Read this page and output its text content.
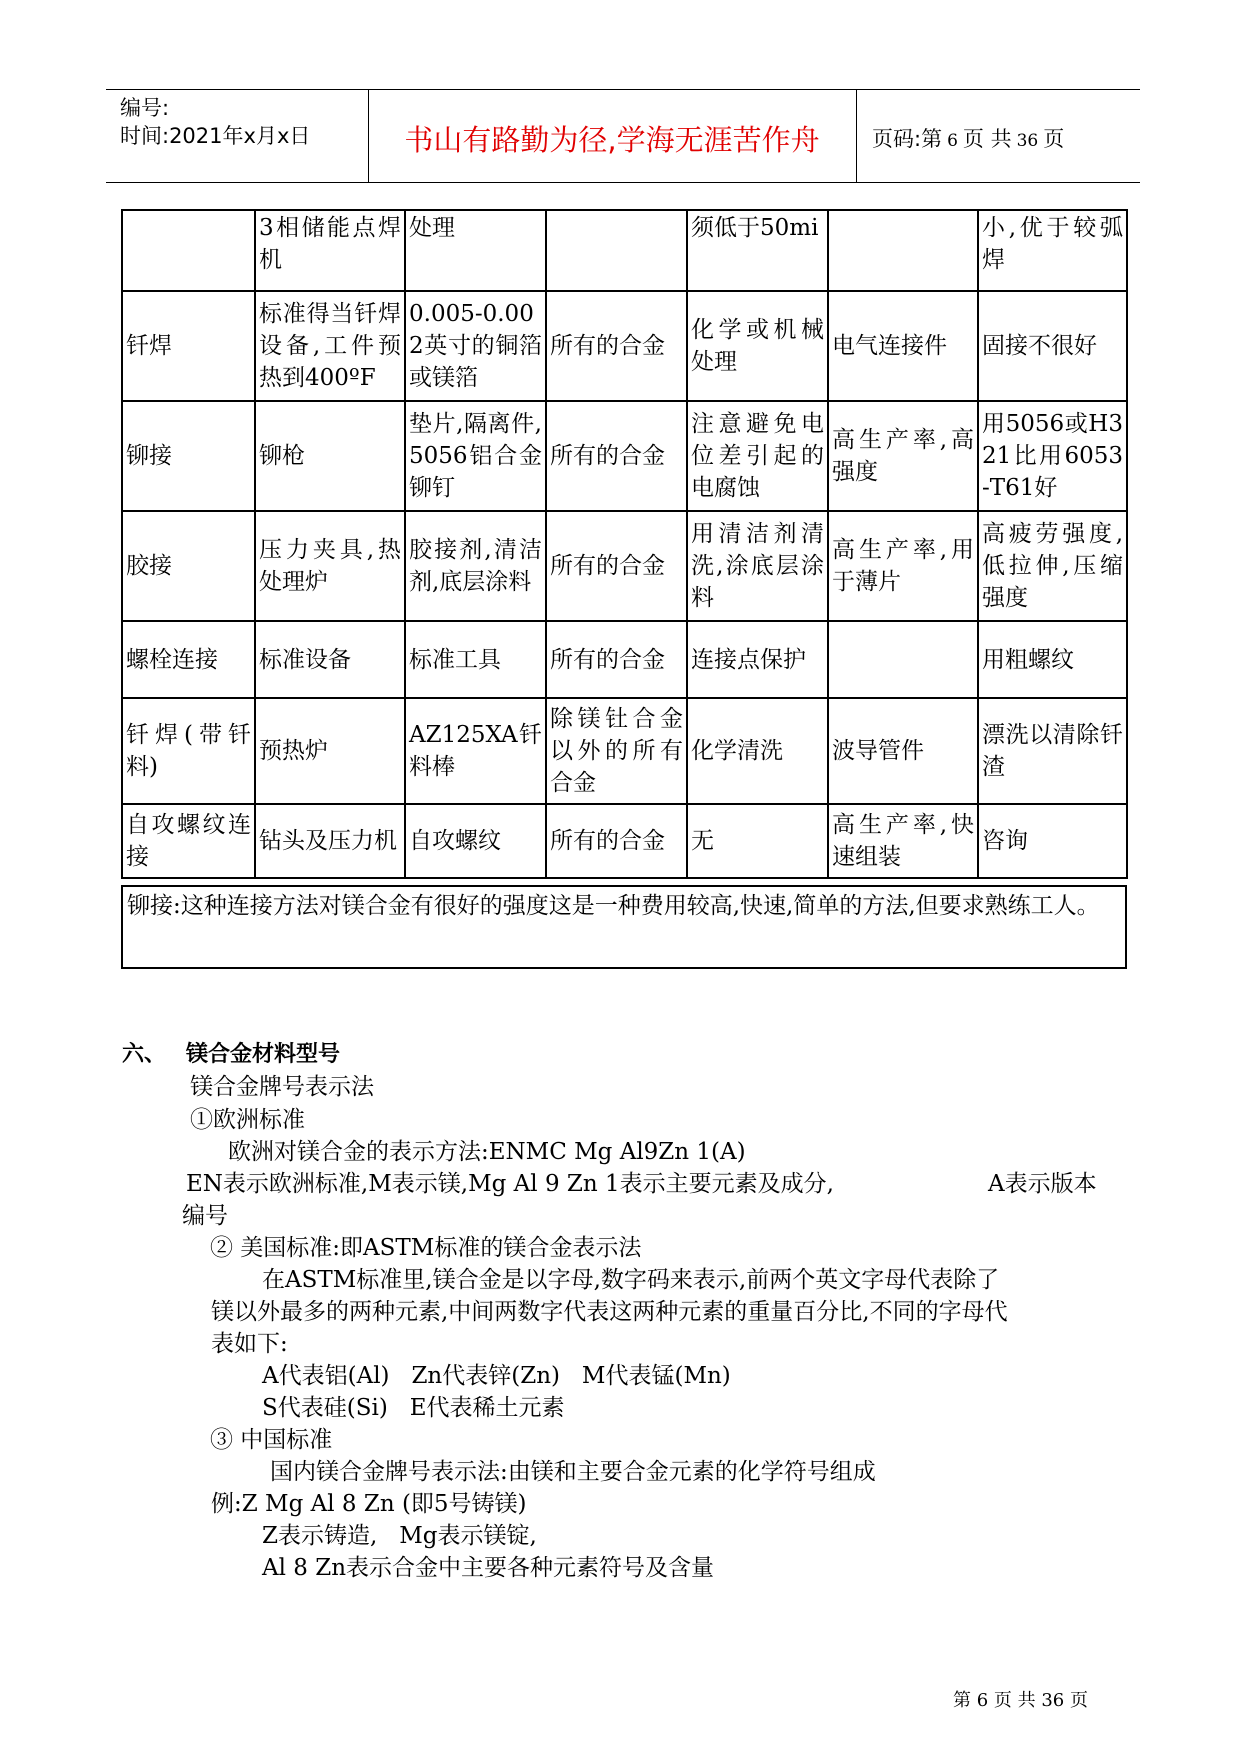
编号:
时间:2021年x月x日	书山有路勤为径,学海无涯苦作舟	页码:第 6 页 共 36 页
	3相储能点焊机	处理		须低于50mi		小,优于较弧焊
钎焊	标准得当钎焊设备,工件预热到400ºF	0.005-0.002英寸的铜箔或镁箔	所有的合金	化学或机械处理	电气连接件	固接不很好
铆接	铆枪	垫片,隔离件,5056铝合金铆钉	所有的合金	注意避免电位差引起的电腐蚀	高生产率,高强度	用5056或H321比用6053-T61好
胶接	压力夹具,热处理炉	胶接剂,清洁剂,底层涂料	所有的合金	用清洁剂清洗,涂底层涂料	高生产率,用于薄片	高疲劳强度,低拉伸,压缩强度
螺栓连接	标准设备	标准工具	所有的合金	连接点保护		用粗螺纹
钎焊(带钎料)	预热炉	AZ125XA钎料棒	除镁钍合金以外的所有合金	化学清洗	波导管件	漂洗以清除钎渣
自攻螺纹连接	钻头及压力机	自攻螺纹	所有的合金	无	高生产率,快速组装	咨询
铆接:这种连接方法对镁合金有很好的强度这是一种费用较高,快速,简单的方法,但要求熟练工人。
六、 镁合金材料型号
镁合金牌号表示法
①欧洲标准
欧洲对镁合金的表示方法:ENMC Mg Al9Zn 1(A)
EN表示欧洲标准,M表示镁,Mg Al 9 Zn 1表示主要元素及成分,	A表示版本
编号
② 美国标准:即ASTM标准的镁合金表示法
在ASTM标准里,镁合金是以字母,数字码来表示,前两个英文字母代表除了
镁以外最多的两种元素,中间两数字代表这两种元素的重量百分比,不同的字母代
表如下:
A代表铝(Al)   Zn代表锌(Zn)   M代表锰(Mn)
S代表硅(Si)   E代表稀土元素
③ 中国标准
国内镁合金牌号表示法:由镁和主要合金元素的化学符号组成
例:Z Mg Al 8 Zn (即5号铸镁)
Z表示铸造,   Mg表示镁锭,
Al 8 Zn表示合金中主要各种元素符号及含量
第 6 页 共 36 页
